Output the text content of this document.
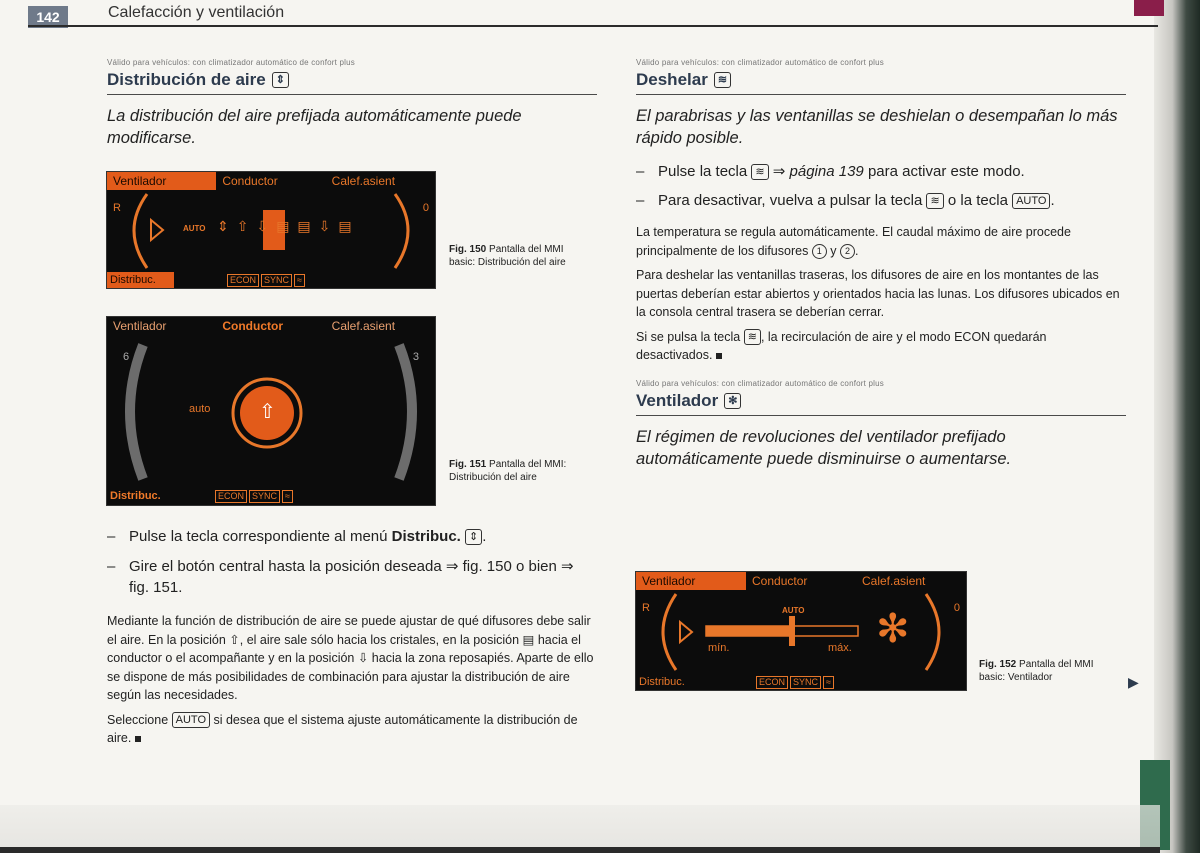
142	Calefacción y ventilación
Válido para vehículos: con climatizador automático de confort plus
Distribución de aire ⇕
La distribución del aire prefijada automáticamente puede modificarse.
Ventilador	Conductor	Calef.asient
R	0
AUTO ⇕⇧⇩▤▤⇩▤
Distribuc.	ECON SYNC ≈
Fig. 150 Pantalla del MMI basic: Distribución del aire
Ventilador	Conductor	Calef.asient
6	3
auto ⇧
Distribuc.	ECON SYNC ≈
Fig. 151 Pantalla del MMI: Distribución del aire
– Pulse la tecla correspondiente al menú Distribuc. ⇕ .
– Gire el botón central hasta la posición deseada ⇒ fig. 150 o bien ⇒ fig. 151.
Mediante la función de distribución de aire se puede ajustar de qué difusores debe salir el aire. En la posición ⇧, el aire sale sólo hacia los cristales, en la posición ▤ hacia el conductor o el acompañante y en la posición ⇩ hacia la zona reposapiés. Aparte de ello se dispone de más posibilidades de combinación para ajustar la distribución de aire según las necesidades.
Seleccione AUTO si desea que el sistema ajuste automáticamente la distribución de aire.
Válido para vehículos: con climatizador automático de confort plus
Deshelar ≋
El parabrisas y las ventanillas se deshielan o desempañan lo más rápido posible.
– Pulse la tecla ≋ ⇒ página 139 para activar este modo.
– Para desactivar, vuelva a pulsar la tecla ≋ o la tecla AUTO .
La temperatura se regula automáticamente. El caudal máximo de aire procede principalmente de los difusores 1 y 2 .
Para deshelar las ventanillas traseras, los difusores de aire en los montantes de las puertas deberían estar abiertos y orientados hacia las lunas. Los difusores ubicados en la consola central trasera se deberían cerrar.
Si se pulsa la tecla ≋ , la recirculación de aire y el modo ECON quedarán desactivados.
Válido para vehículos: con climatizador automático de confort plus
Ventilador ✻
El régimen de revoluciones del ventilador prefijado automáticamente puede disminuirse o aumentarse.
Ventilador	Conductor	Calef.asient
R	0
AUTO
mín.	máx. ✻
Distribuc.	ECON SYNC ≈
Fig. 152 Pantalla del MMI basic: Ventilador	▶
